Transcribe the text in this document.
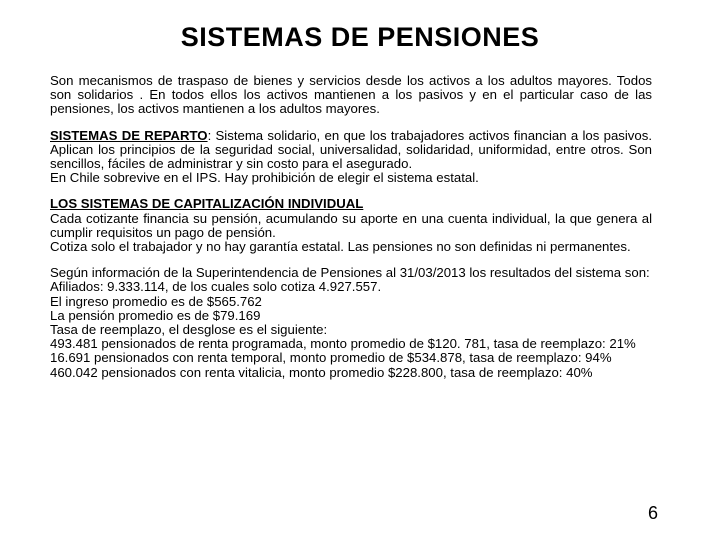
SISTEMAS DE PENSIONES

Son mecanismos de traspaso de bienes y servicios desde los activos a los adultos mayores. Todos son solidarios . En todos ellos los activos mantienen a los pasivos y en el particular caso de las pensiones, los activos mantienen a los adultos mayores.

SISTEMAS DE REPARTO: Sistema solidario, en que los trabajadores activos financian a los pasivos. Aplican los principios de la seguridad social, universalidad, solidaridad, uniformidad, entre otros. Son sencillos, fáciles de administrar y sin costo para el asegurado.

En Chile sobrevive en el IPS. Hay prohibición de elegir el sistema estatal.

LOS SISTEMAS DE CAPITALIZACIÓN INDIVIDUAL

Cada cotizante financia su pensión, acumulando su aporte en una cuenta individual, la que genera al cumplir requisitos un pago de pensión.

Cotiza solo el trabajador y no hay garantía estatal. Las pensiones no son definidas ni permanentes.

Según información de la Superintendencia de Pensiones al 31/03/2013 los resultados del sistema son:

Afiliados: 9.333.114, de los cuales solo cotiza 4.927.557.

El ingreso promedio es de $565.762

La pensión promedio es de $79.169

Tasa de reemplazo, el desglose es el siguiente:

493.481 pensionados de renta programada, monto promedio de $120. 781, tasa de reemplazo: 21%

16.691 pensionados con renta temporal, monto promedio de $534.878, tasa de reemplazo: 94%

460.042 pensionados con renta vitalicia, monto promedio $228.800, tasa de reemplazo: 40%

6
